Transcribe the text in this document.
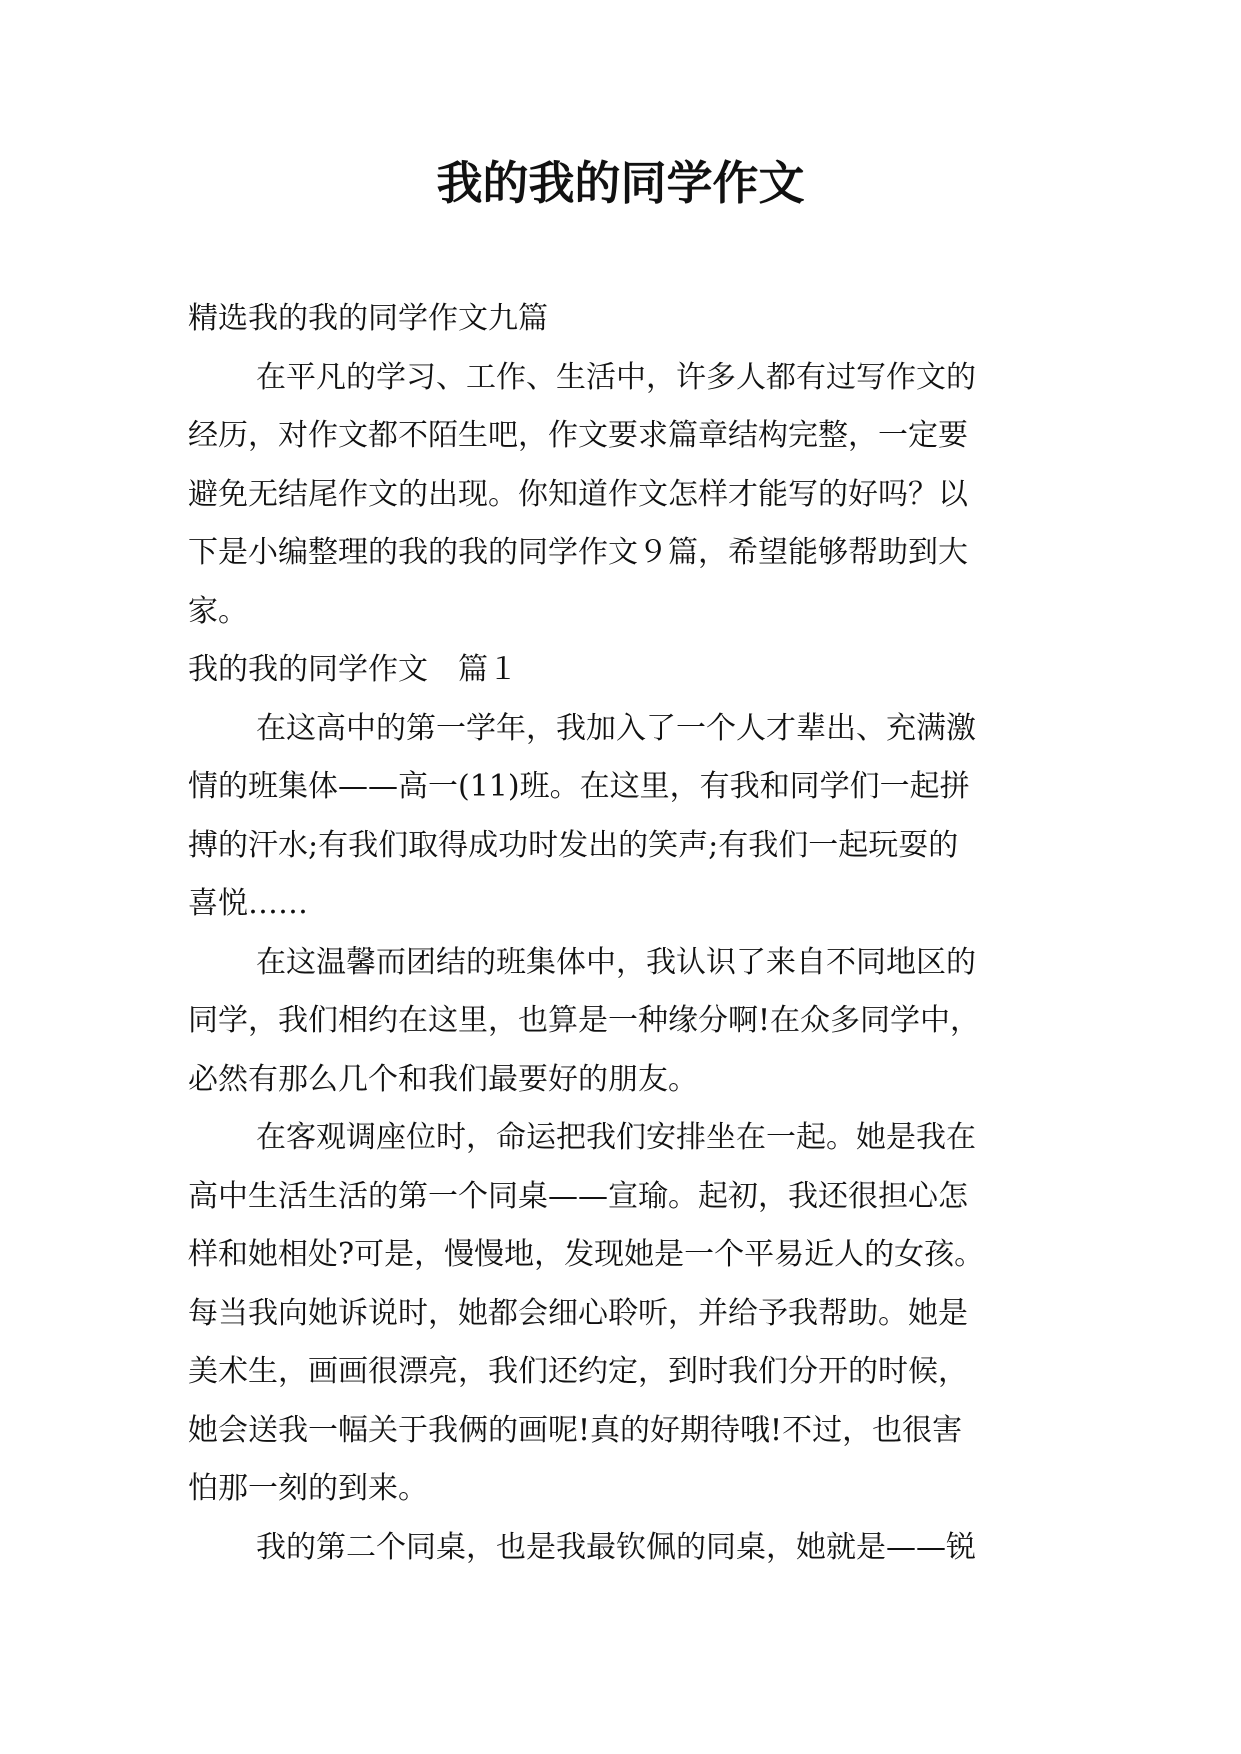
我的我的同学作文
精选我的我的同学作文九篇
在平凡的学习、工作、生活中，许多人都有过写作文的
经历，对作文都不陌生吧，作文要求篇章结构完整，一定要
避免无结尾作文的出现。你知道作文怎样才能写的好吗？以
下是小编整理的我的我的同学作文９篇，希望能够帮助到大
家。
我的我的同学作文　篇１
在这高中的第一学年，我加入了一个人才辈出、充满激
情的班集体——高一(11)班。在这里，有我和同学们一起拼
搏的汗水;有我们取得成功时发出的笑声;有我们一起玩耍的
喜悦……
在这温馨而团结的班集体中，我认识了来自不同地区的
同学，我们相约在这里，也算是一种缘分啊!在众多同学中，
必然有那么几个和我们最要好的朋友。
在客观调座位时，命运把我们安排坐在一起。她是我在
高中生活生活的第一个同桌——宣瑜。起初，我还很担心怎
样和她相处?可是，慢慢地，发现她是一个平易近人的女孩。
每当我向她诉说时，她都会细心聆听，并给予我帮助。她是
美术生，画画很漂亮，我们还约定，到时我们分开的时候，
她会送我一幅关于我俩的画呢!真的好期待哦!不过，也很害
怕那一刻的到来。
我的第二个同桌，也是我最钦佩的同桌，她就是——锐
